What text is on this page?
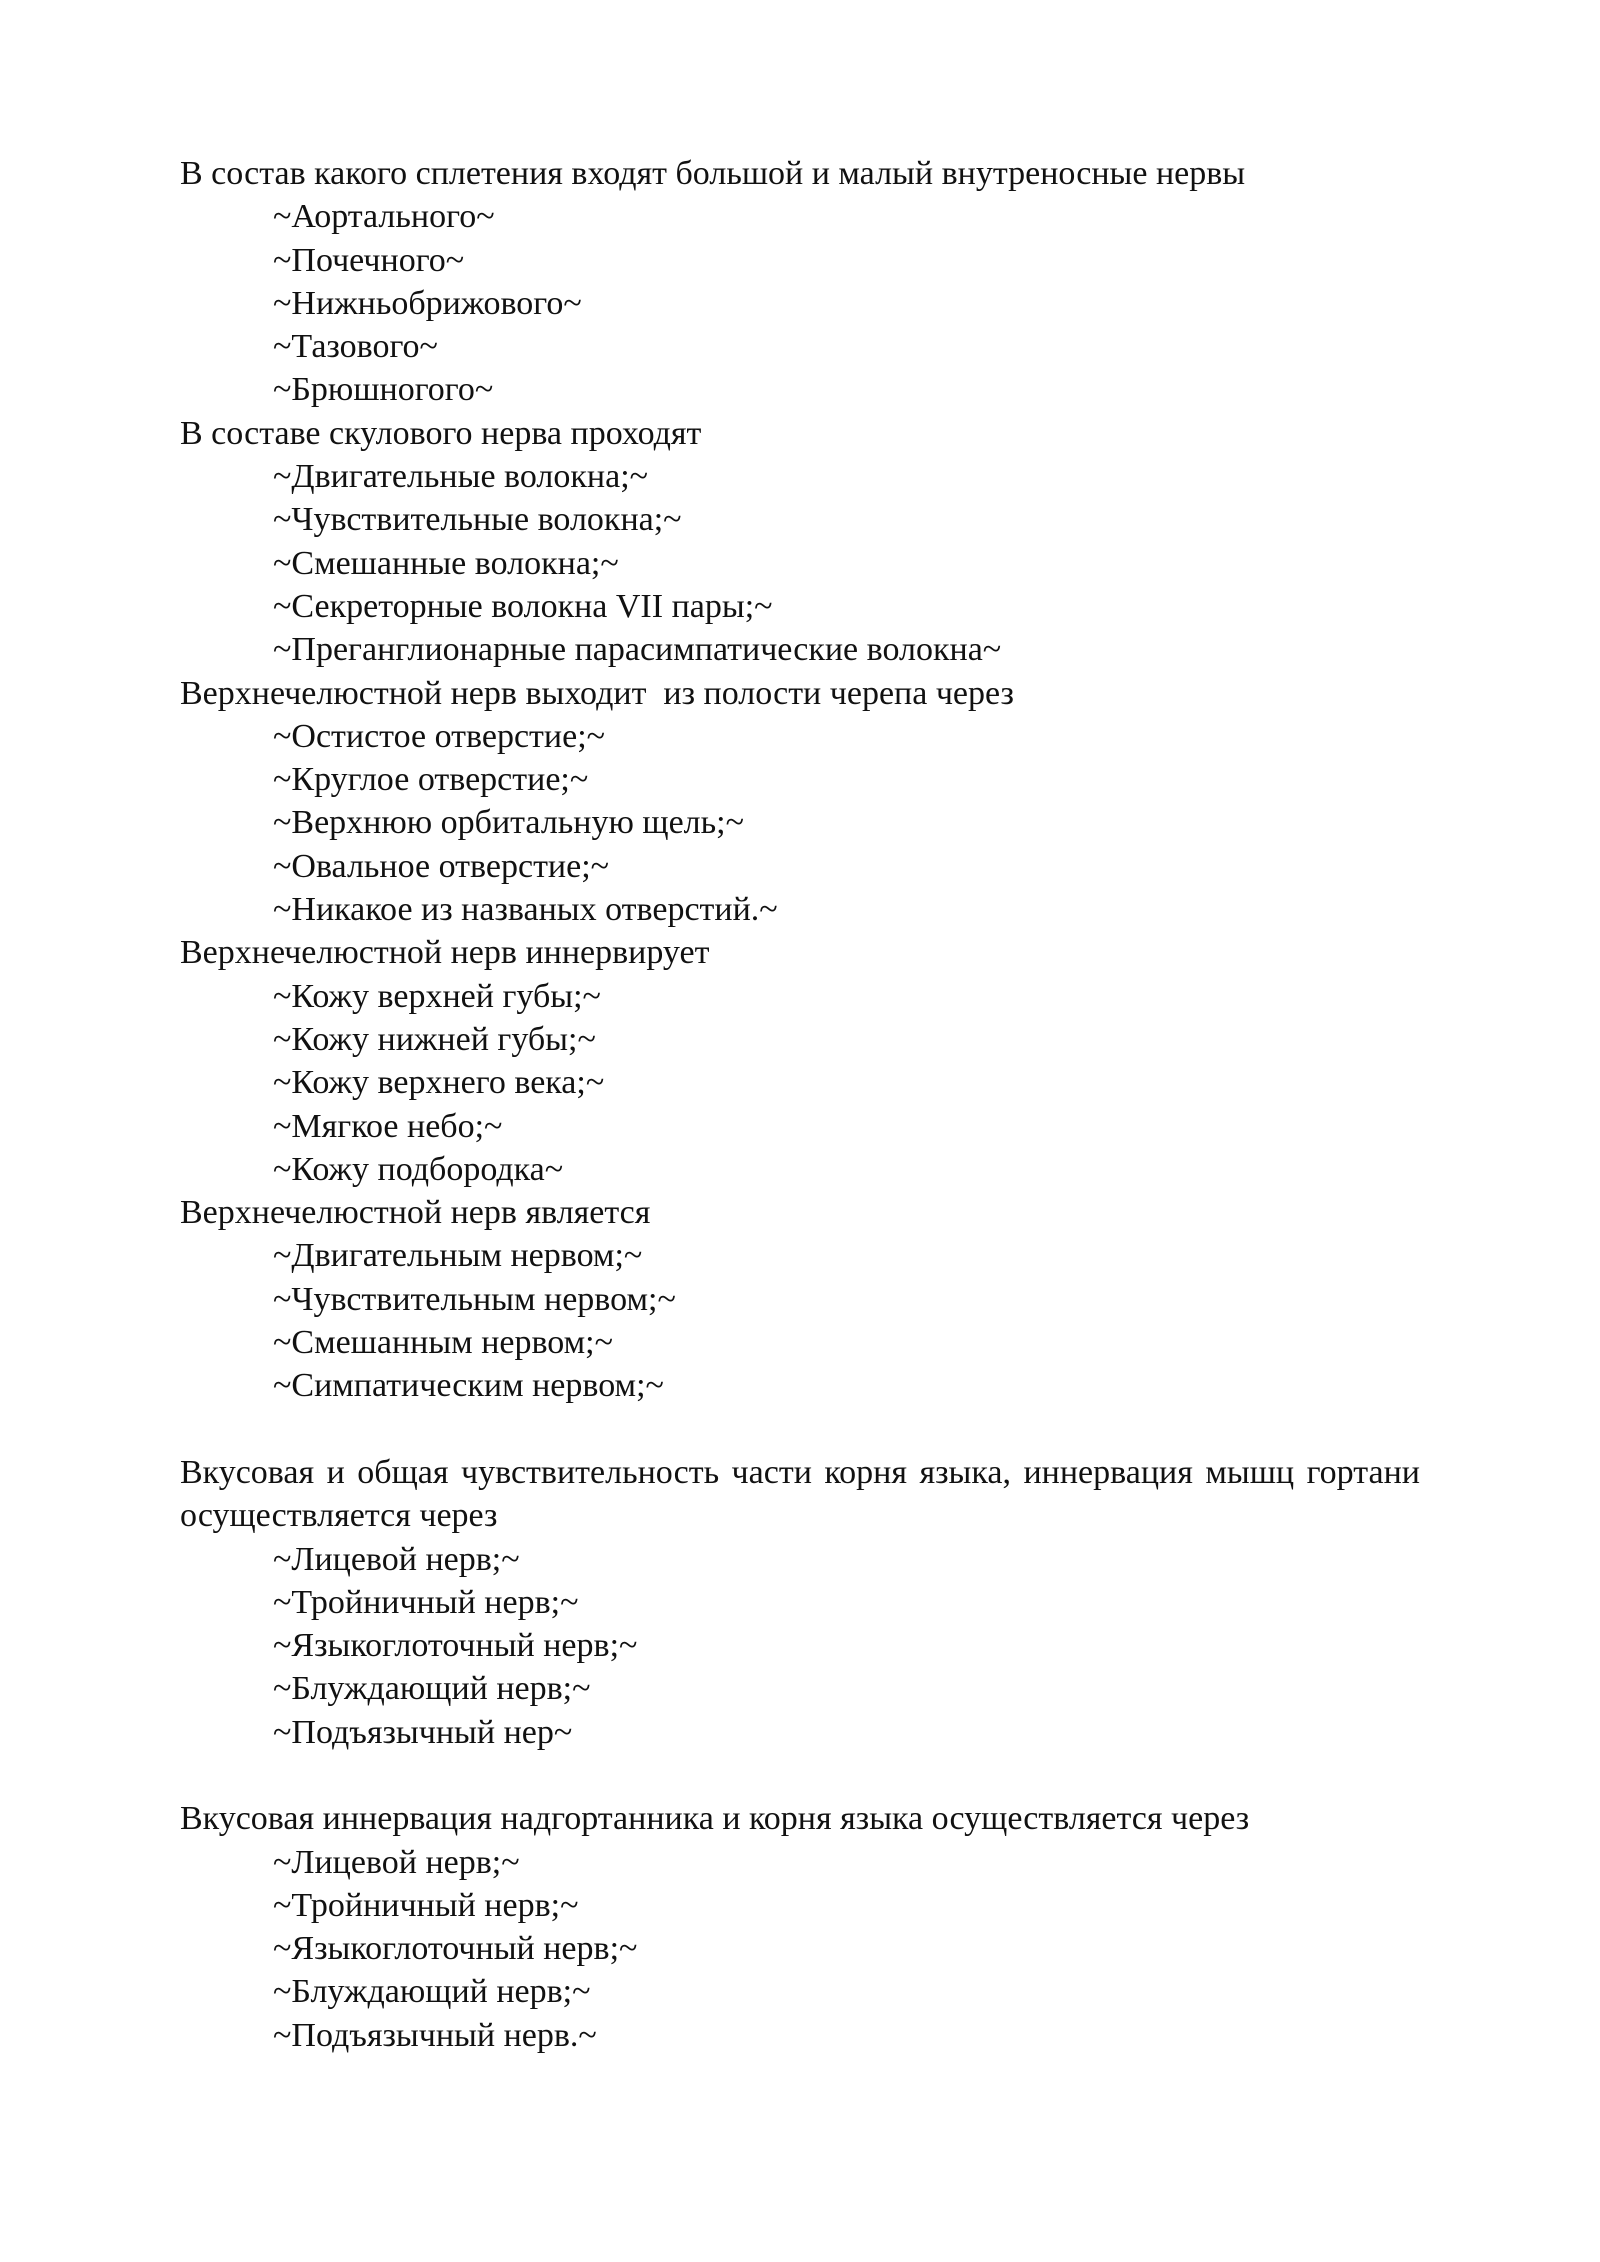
В состав какого сплетения входят большой и малый внутреносные нервы

~Аортального~
~Почечного~
~Нижньобрижового~
~Тазового~
~Брюшногого~

В составе скулового нерва проходят

~Двигательные волокна;~
~Чувствительные волокна;~
~Смешанные волокна;~
~Секреторные волокна VII пары;~
~Преганглионарные парасимпатические волокна~

Верхнечелюстной нерв выходит  из полости черепа через

~Остистое отверстие;~
~Круглое отверстие;~
~Верхнюю орбитальную щель;~
~Овальное отверстие;~
~Никакое из названых отверстий.~

Верхнечелюстной нерв иннервирует

~Кожу верхней губы;~
~Кожу нижней губы;~
~Кожу верхнего века;~
~Мягкое небо;~
~Кожу подбородка~

Верхнечелюстной нерв является

~Двигательным нервом;~
~Чувствительным нервом;~
~Смешанным нервом;~
~Симпатическим нервом;~

Вкусовая и общая чувствительность части корня языка, иннервация мышц гортани осуществляется через

~Лицевой нерв;~
~Тройничный нерв;~
~Языкоглоточный нерв;~
~Блуждающий нерв;~
~Подъязычный нер~

Вкусовая иннервация надгортанника и корня языка осуществляется через

~Лицевой нерв;~
~Тройничный нерв;~
~Языкоглоточный нерв;~
~Блуждающий нерв;~
~Подъязычный нерв.~
